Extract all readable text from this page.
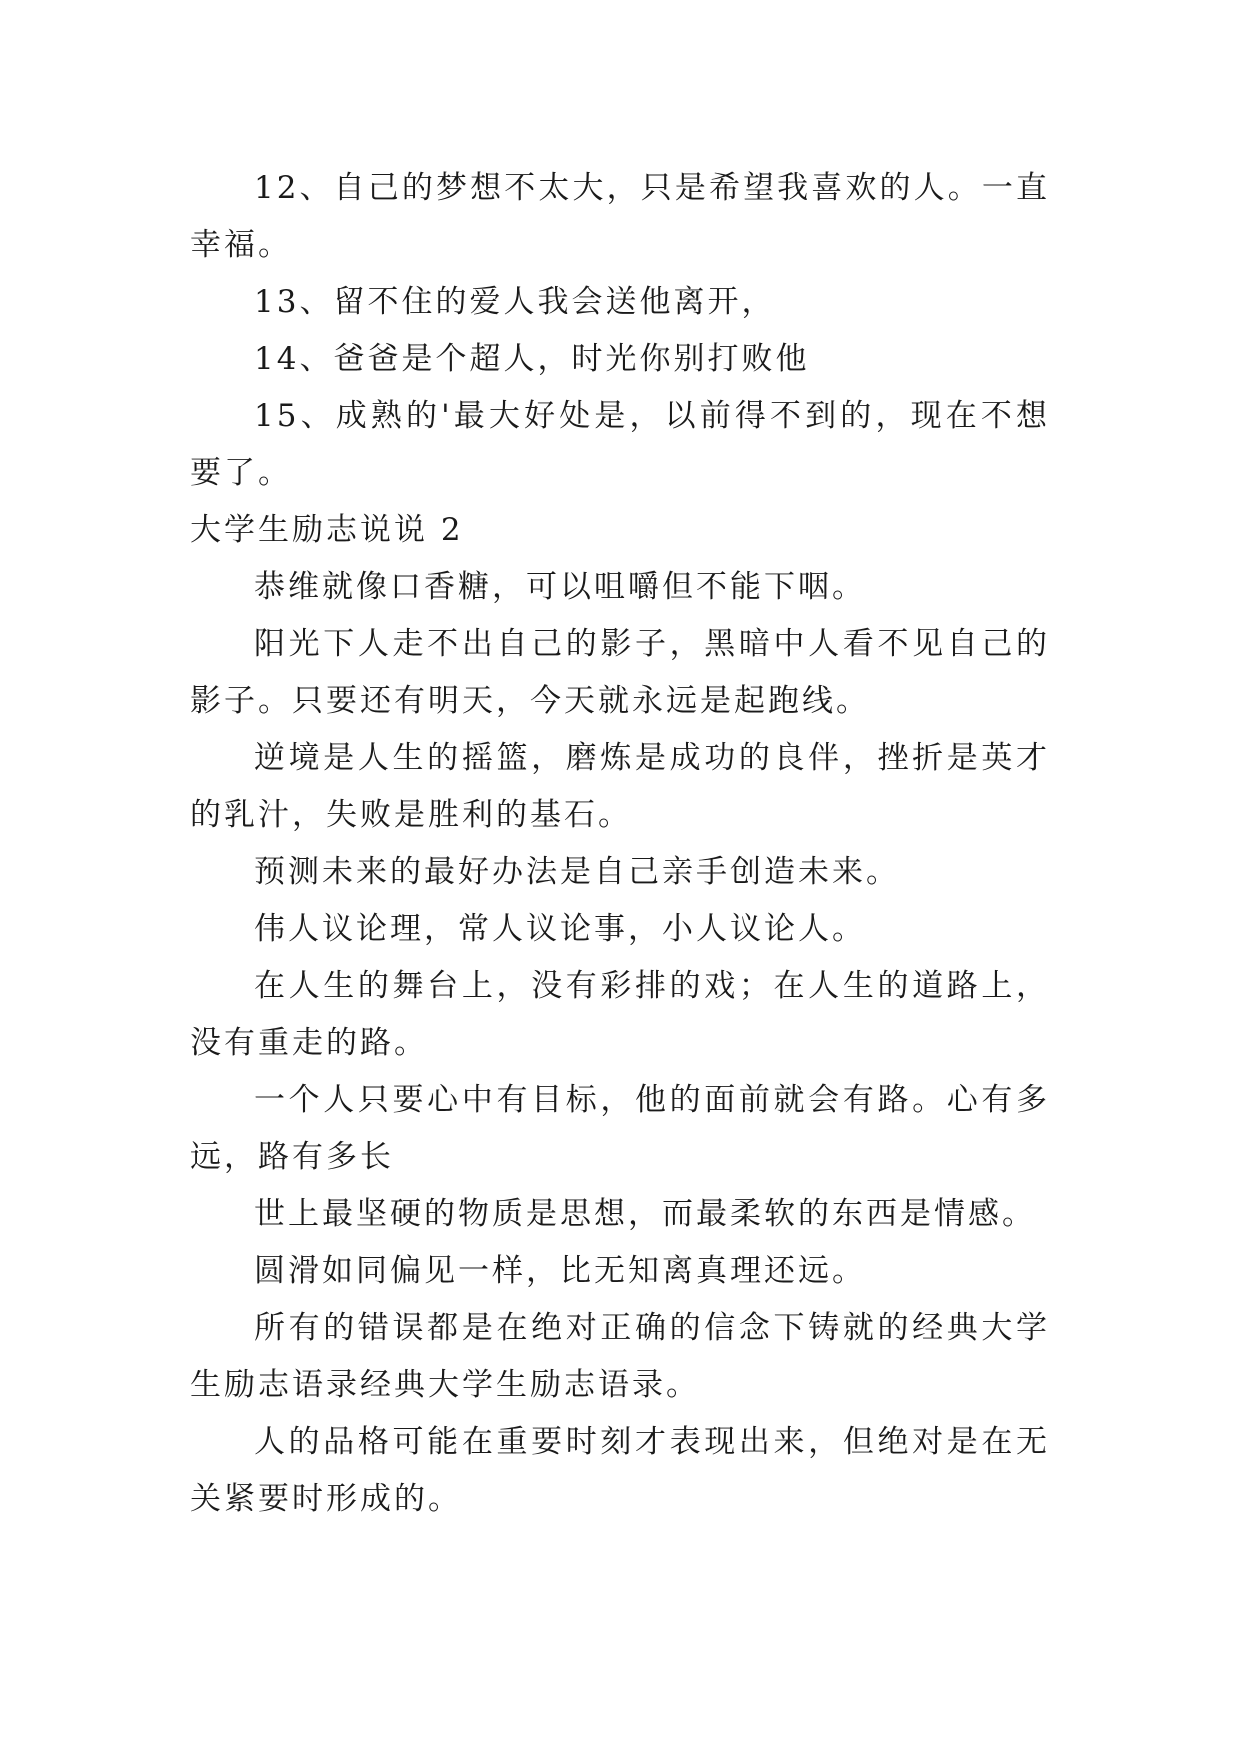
12、自己的梦想不太大，只是希望我喜欢的人。一直幸福。

13、留不住的爱人我会送他离开，

14、爸爸是个超人，时光你别打败他

15、成熟的'最大好处是，以前得不到的，现在不想要了。

大学生励志说说 2

恭维就像口香糖，可以咀嚼但不能下咽。

阳光下人走不出自己的影子，黑暗中人看不见自己的影子。只要还有明天，今天就永远是起跑线。

逆境是人生的摇篮，磨炼是成功的良伴，挫折是英才的乳汁，失败是胜利的基石。

预测未来的最好办法是自己亲手创造未来。

伟人议论理，常人议论事，小人议论人。

在人生的舞台上，没有彩排的戏；在人生的道路上，没有重走的路。

一个人只要心中有目标，他的面前就会有路。心有多远，路有多长

世上最坚硬的物质是思想，而最柔软的东西是情感。

圆滑如同偏见一样，比无知离真理还远。

所有的错误都是在绝对正确的信念下铸就的经典大学生励志语录经典大学生励志语录。

人的品格可能在重要时刻才表现出来，但绝对是在无关紧要时形成的。
